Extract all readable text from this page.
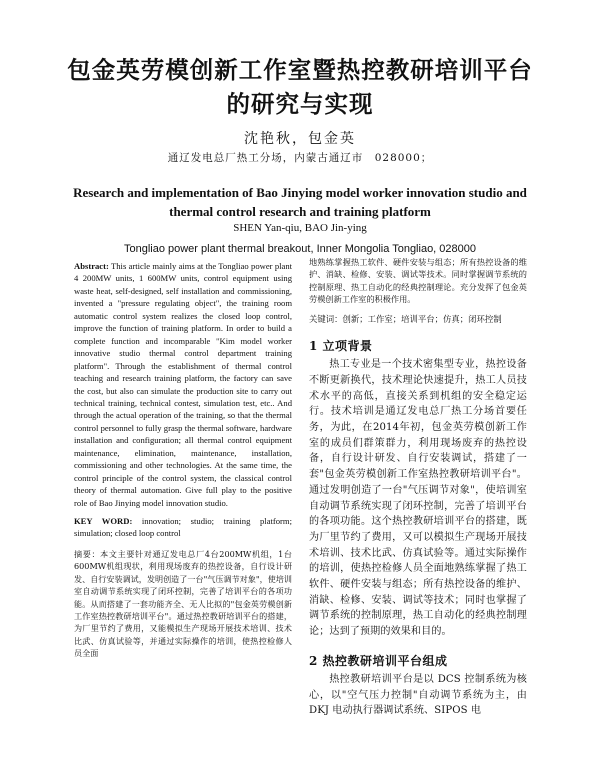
包金英劳模创新工作室暨热控教研培训平台
的研究与实现
沈艳秋，包金英
通辽发电总厂热工分场，内蒙古通辽市　028000；
Research and implementation of Bao Jinying model worker innovation studio and
thermal control research and training platform
SHEN Yan-qiu, BAO Jin-ying
Tongliao power plant thermal breakout, Inner Mongolia Tongliao, 028000
Abstract: This article mainly aims at the Tongliao power plant 4 200MW units, 1 600MW units, control equipment using waste heat, self-designed, self installation and commissioning, invented a "pressure regulating object", the training room automatic control system realizes the closed loop control, improve the function of training platform. In order to build a complete function and incomparable "Kim model worker innovative studio thermal control department training platform". Through the establishment of thermal control teaching and research training platform, the factory can save the cost, but also can simulate the production site to carry out technical training, technical contest, simulation test, etc.. And through the actual operation of the training, so that the thermal control personnel to fully grasp the thermal software, hardware installation and configuration; all thermal control equipment maintenance, elimination, maintenance, installation, commissioning and other technologies. At the same time, the control principle of the control system, the classical control theory of thermal automation. Give full play to the positive role of Bao Jinying model innovation studio.
KEY WORD: innovation; studio; training platform; simulation; closed loop control
摘要：本文主要针对通辽发电总厂4台200MW机组，1台600MW机组现状，利用现场废弃的热控设备，自行设计研发、自行安装调试，发明创造了一台"气压调节对象"，使培训室自动调节系统实现了闭环控制，完善了培训平台的各项功能。从而搭建了一套功能齐全、无人比拟的"包金英劳模创新工作室热控教研培训平台"。通过热控教研培训平台的搭建，为厂里节约了费用，又能模拟生产现场开展技术培训、技术比武、仿真试验等，并通过实际操作的培训，使热控检修人员全面
地熟练掌握热工软件、硬件安装与组态；所有热控设备的维护、消缺、检修、安装、调试等技术。同时掌握调节系统的控制原理、热工自动化的经典控制理论。充分发挥了包金英劳模创新工作室的积极作用。
关键词：创新；工作室；培训平台；仿真；闭环控制
1 立项背景
热工专业是一个技术密集型专业，热控设备不断更新换代，技术理论快速提升，热工人员技术水平的高低，直接关系到机组的安全稳定运行。技术培训是通辽发电总厂热工分场首要任务，为此，在2014年初，包金英劳模创新工作室的成员们群策群力，利用现场废弃的热控设备，自行设计研发、自行安装调试，搭建了一套"包金英劳模创新工作室热控教研培训平台"。通过发明创造了一台"气压调节对象"，使培训室自动调节系统实现了闭环控制，完善了培训平台的各项功能。这个热控教研培训平台的搭建，既为厂里节约了费用，又可以模拟生产现场开展技术培训、技术比武、仿真试验等。通过实际操作的培训，使热控检修人员全面地熟练掌握了热工软件、硬件安装与组态；所有热控设备的维护、消缺、检修、安装、调试等技术；同时也掌握了调节系统的控制原理，热工自动化的经典控制理论；达到了预期的效果和目的。
2 热控教研培训平台组成
热控教研培训平台是以 DCS 控制系统为核心，以"空气压力控制"自动调节系统为主，由 DKJ 电动执行器调试系统、SIPOS 电
